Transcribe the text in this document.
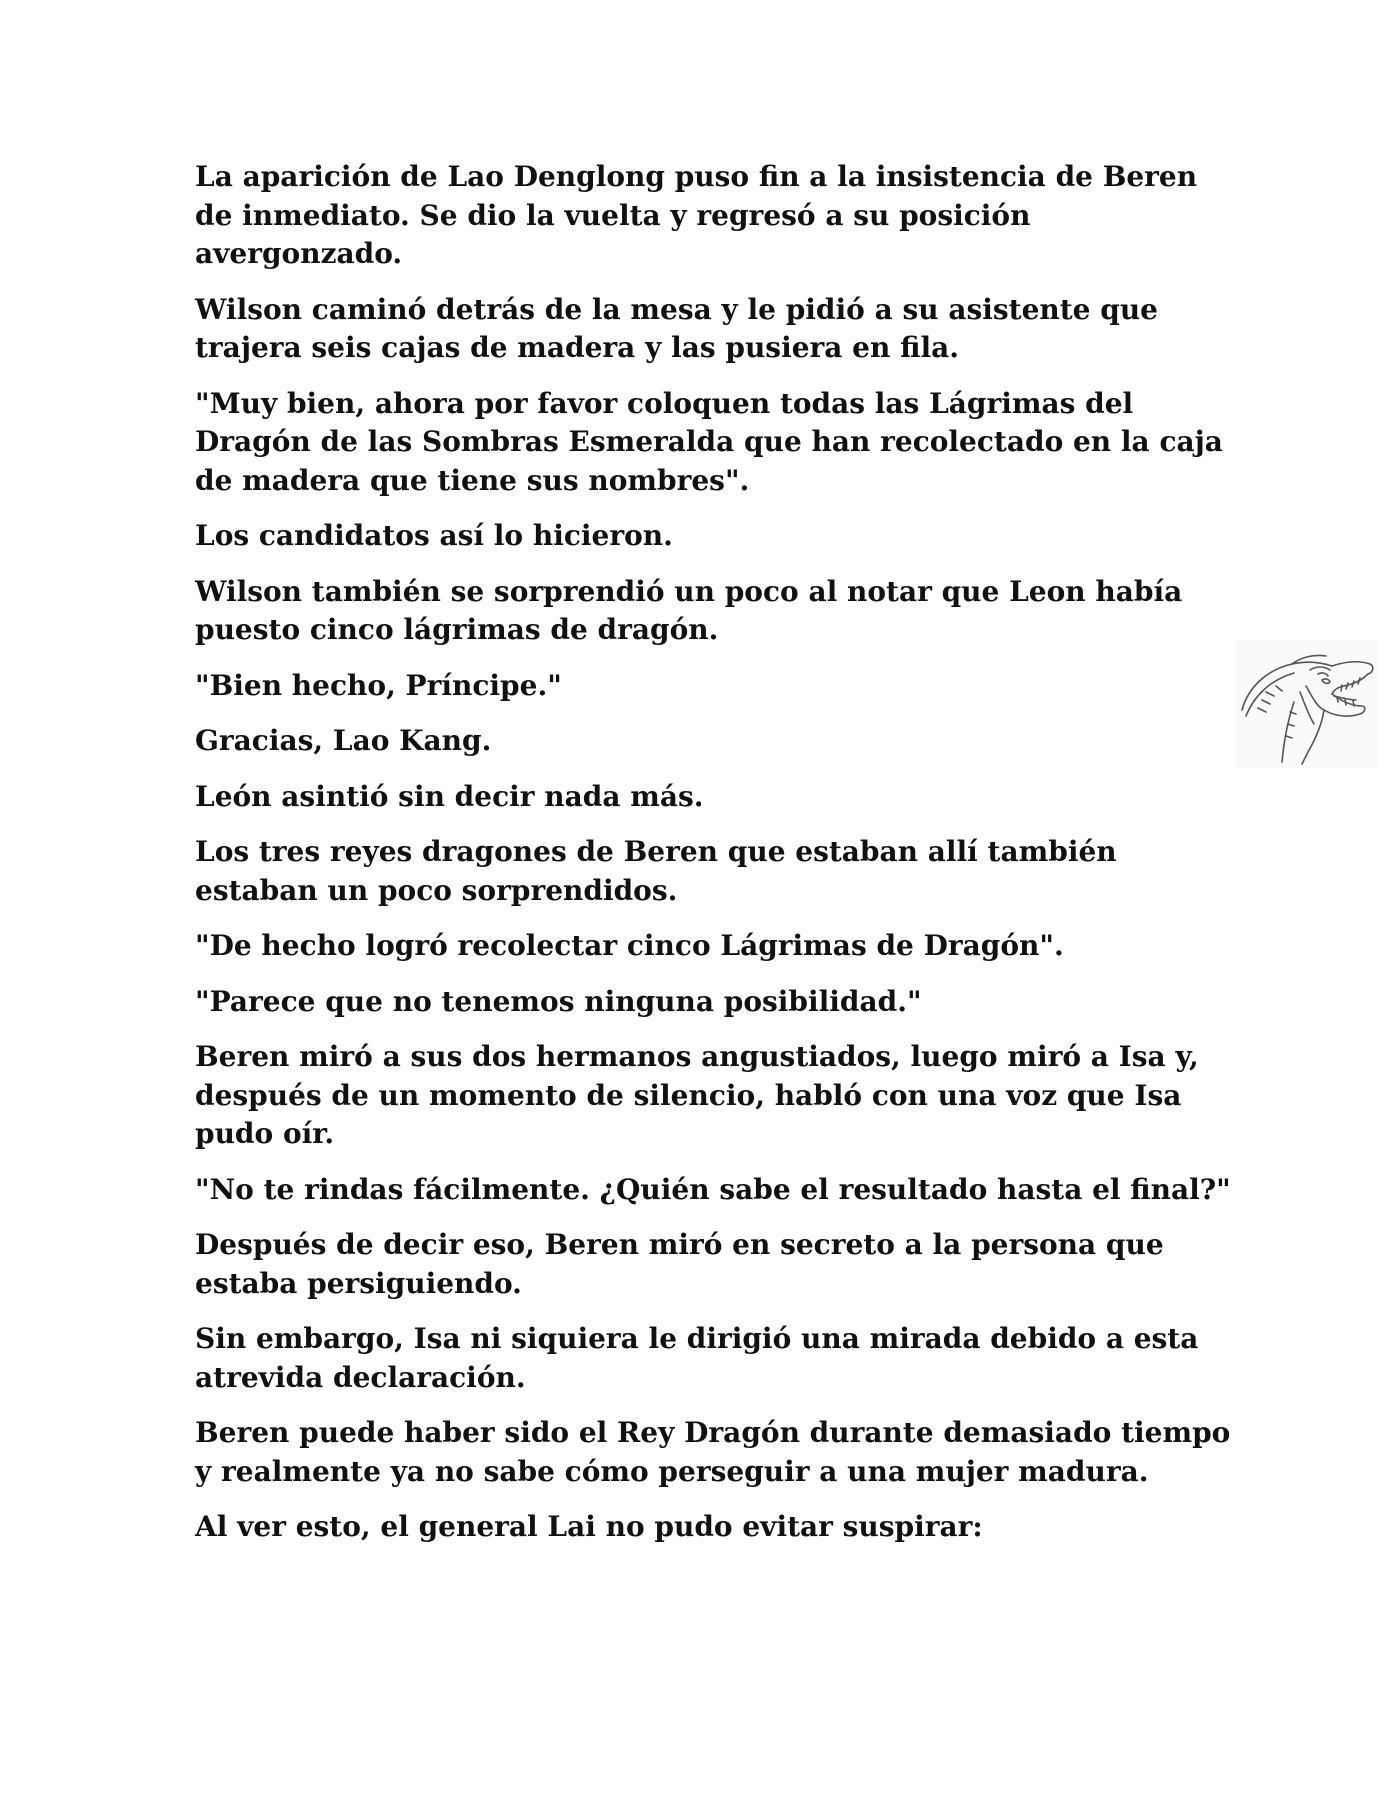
La aparición de Lao Denglong puso fin a la insistencia de Beren de inmediato. Se dio la vuelta y regresó a su posición avergonzado.

Wilson caminó detrás de la mesa y le pidió a su asistente que trajera seis cajas de madera y las pusiera en fila.

"Muy bien, ahora por favor coloquen todas las Lágrimas del Dragón de las Sombras Esmeralda que han recolectado en la caja de madera que tiene sus nombres".

Los candidatos así lo hicieron.

Wilson también se sorprendió un poco al notar que Leon había puesto cinco lágrimas de dragón.

"Bien hecho, Príncipe."

Gracias, Lao Kang.

León asintió sin decir nada más.

Los tres reyes dragones de Beren que estaban allí también estaban un poco sorprendidos.

"De hecho logró recolectar cinco Lágrimas de Dragón".

"Parece que no tenemos ninguna posibilidad."

Beren miró a sus dos hermanos angustiados, luego miró a Isa y, después de un momento de silencio, habló con una voz que Isa pudo oír.

"No te rindas fácilmente. ¿Quién sabe el resultado hasta el final?"

Después de decir eso, Beren miró en secreto a la persona que estaba persiguiendo.

Sin embargo, Isa ni siquiera le dirigió una mirada debido a esta atrevida declaración.

Beren puede haber sido el Rey Dragón durante demasiado tiempo y realmente ya no sabe cómo perseguir a una mujer madura.

Al ver esto, el general Lai no pudo evitar suspirar:
